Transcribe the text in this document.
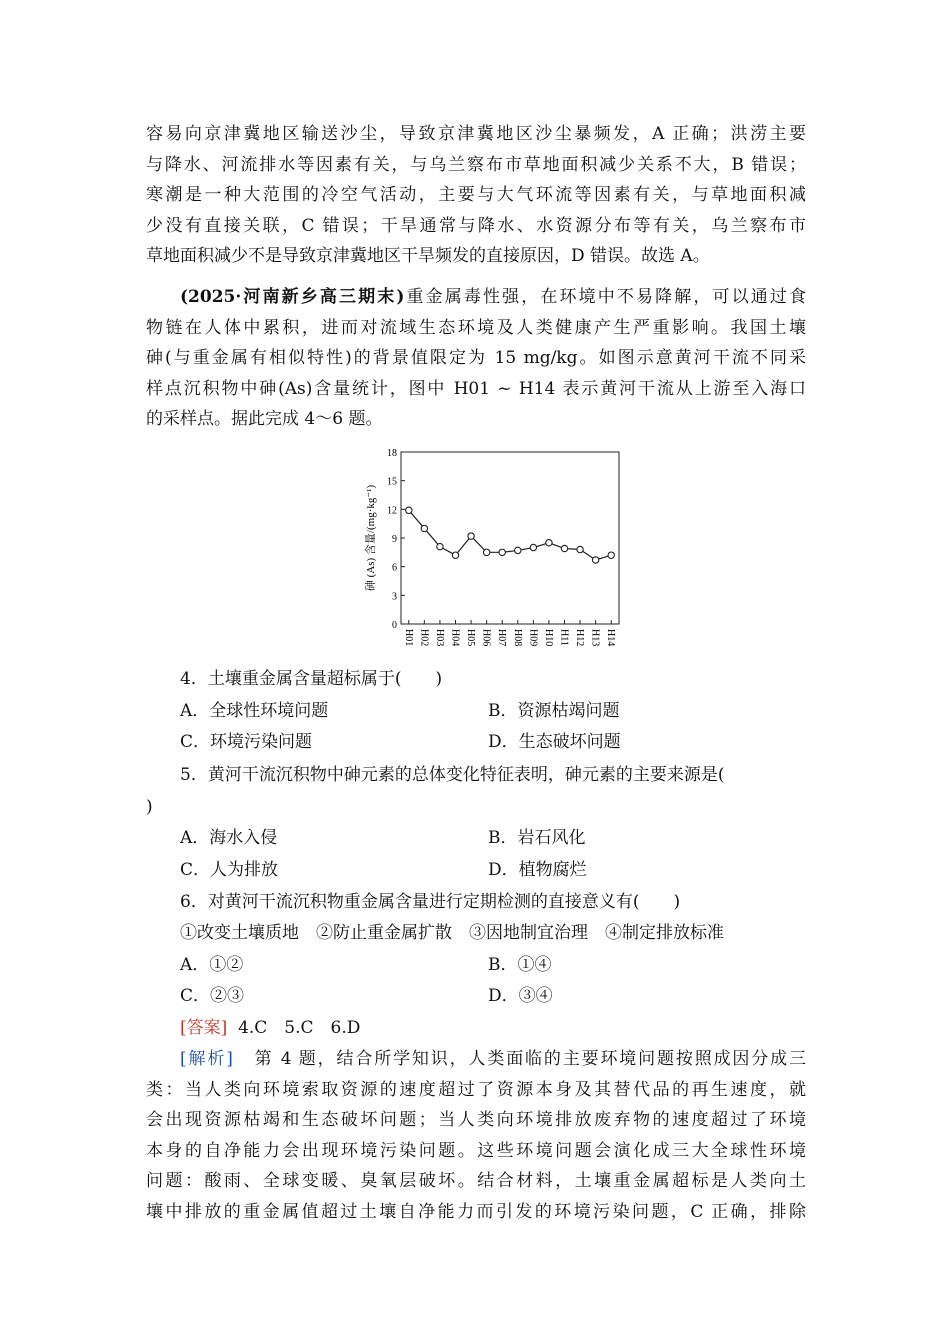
容易向京津冀地区输送沙尘，导致京津冀地区沙尘暴频发，A 正确；洪涝主要
与降水、河流排水等因素有关，与乌兰察布市草地面积减少关系不大，B 错误；
寒潮是一种大范围的冷空气活动，主要与大气环流等因素有关，与草地面积减
少没有直接关联，C 错误；干旱通常与降水、水资源分布等有关，乌兰察布市
草地面积减少不是导致京津冀地区干旱频发的直接原因，D 错误。故选 A。
(2025·河南新乡高三期末)重金属毒性强，在环境中不易降解，可以通过食
物链在人体中累积，进而对流域生态环境及人类健康产生严重影响。我国土壤
砷(与重金属有相似特性)的背景值限定为 15 mg/kg。如图示意黄河干流不同采
样点沉积物中砷(As)含量统计，图中 H01 ~ H14 表示黄河干流从上游至入海口
的采样点。据此完成 4～6 题。
0
3
6
9
12
15
18
H01 H02 H03 H04 H05 H06 H07 H08 H09 H10 H11 H12 H13 H14
砷 (As) 含量/(mg·kg⁻¹)

4．土壤重金属含量超标属于(　　)

A．全球性环境问题	B．资源枯竭问题

C．环境污染问题	D．生态破坏问题

5．黄河干流沉积物中砷元素的总体变化特征表明，砷元素的主要来源是(

)

A．海水入侵	B．岩石风化

C．人为排放	D．植物腐烂

6．对黄河干流沉积物重金属含量进行定期检测的直接意义有(　　)

①改变土壤质地　②防止重金属扩散　③因地制宜治理　④制定排放标准

A．①②	B．①④

C．②③	D．③④

[答案] 4.C　5.C　6.D

[解析] 第 4 题，结合所学知识，人类面临的主要环境问题按照成因分成三
类：当人类向环境索取资源的速度超过了资源本身及其替代品的再生速度，就
会出现资源枯竭和生态破坏问题；当人类向环境排放废弃物的速度超过了环境
本身的自净能力会出现环境污染问题。这些环境问题会演化成三大全球性环境
问题：酸雨、全球变暖、臭氧层破坏。结合材料，土壤重金属超标是人类向土
壤中排放的重金属值超过土壤自净能力而引发的环境污染问题，C 正确，排除
